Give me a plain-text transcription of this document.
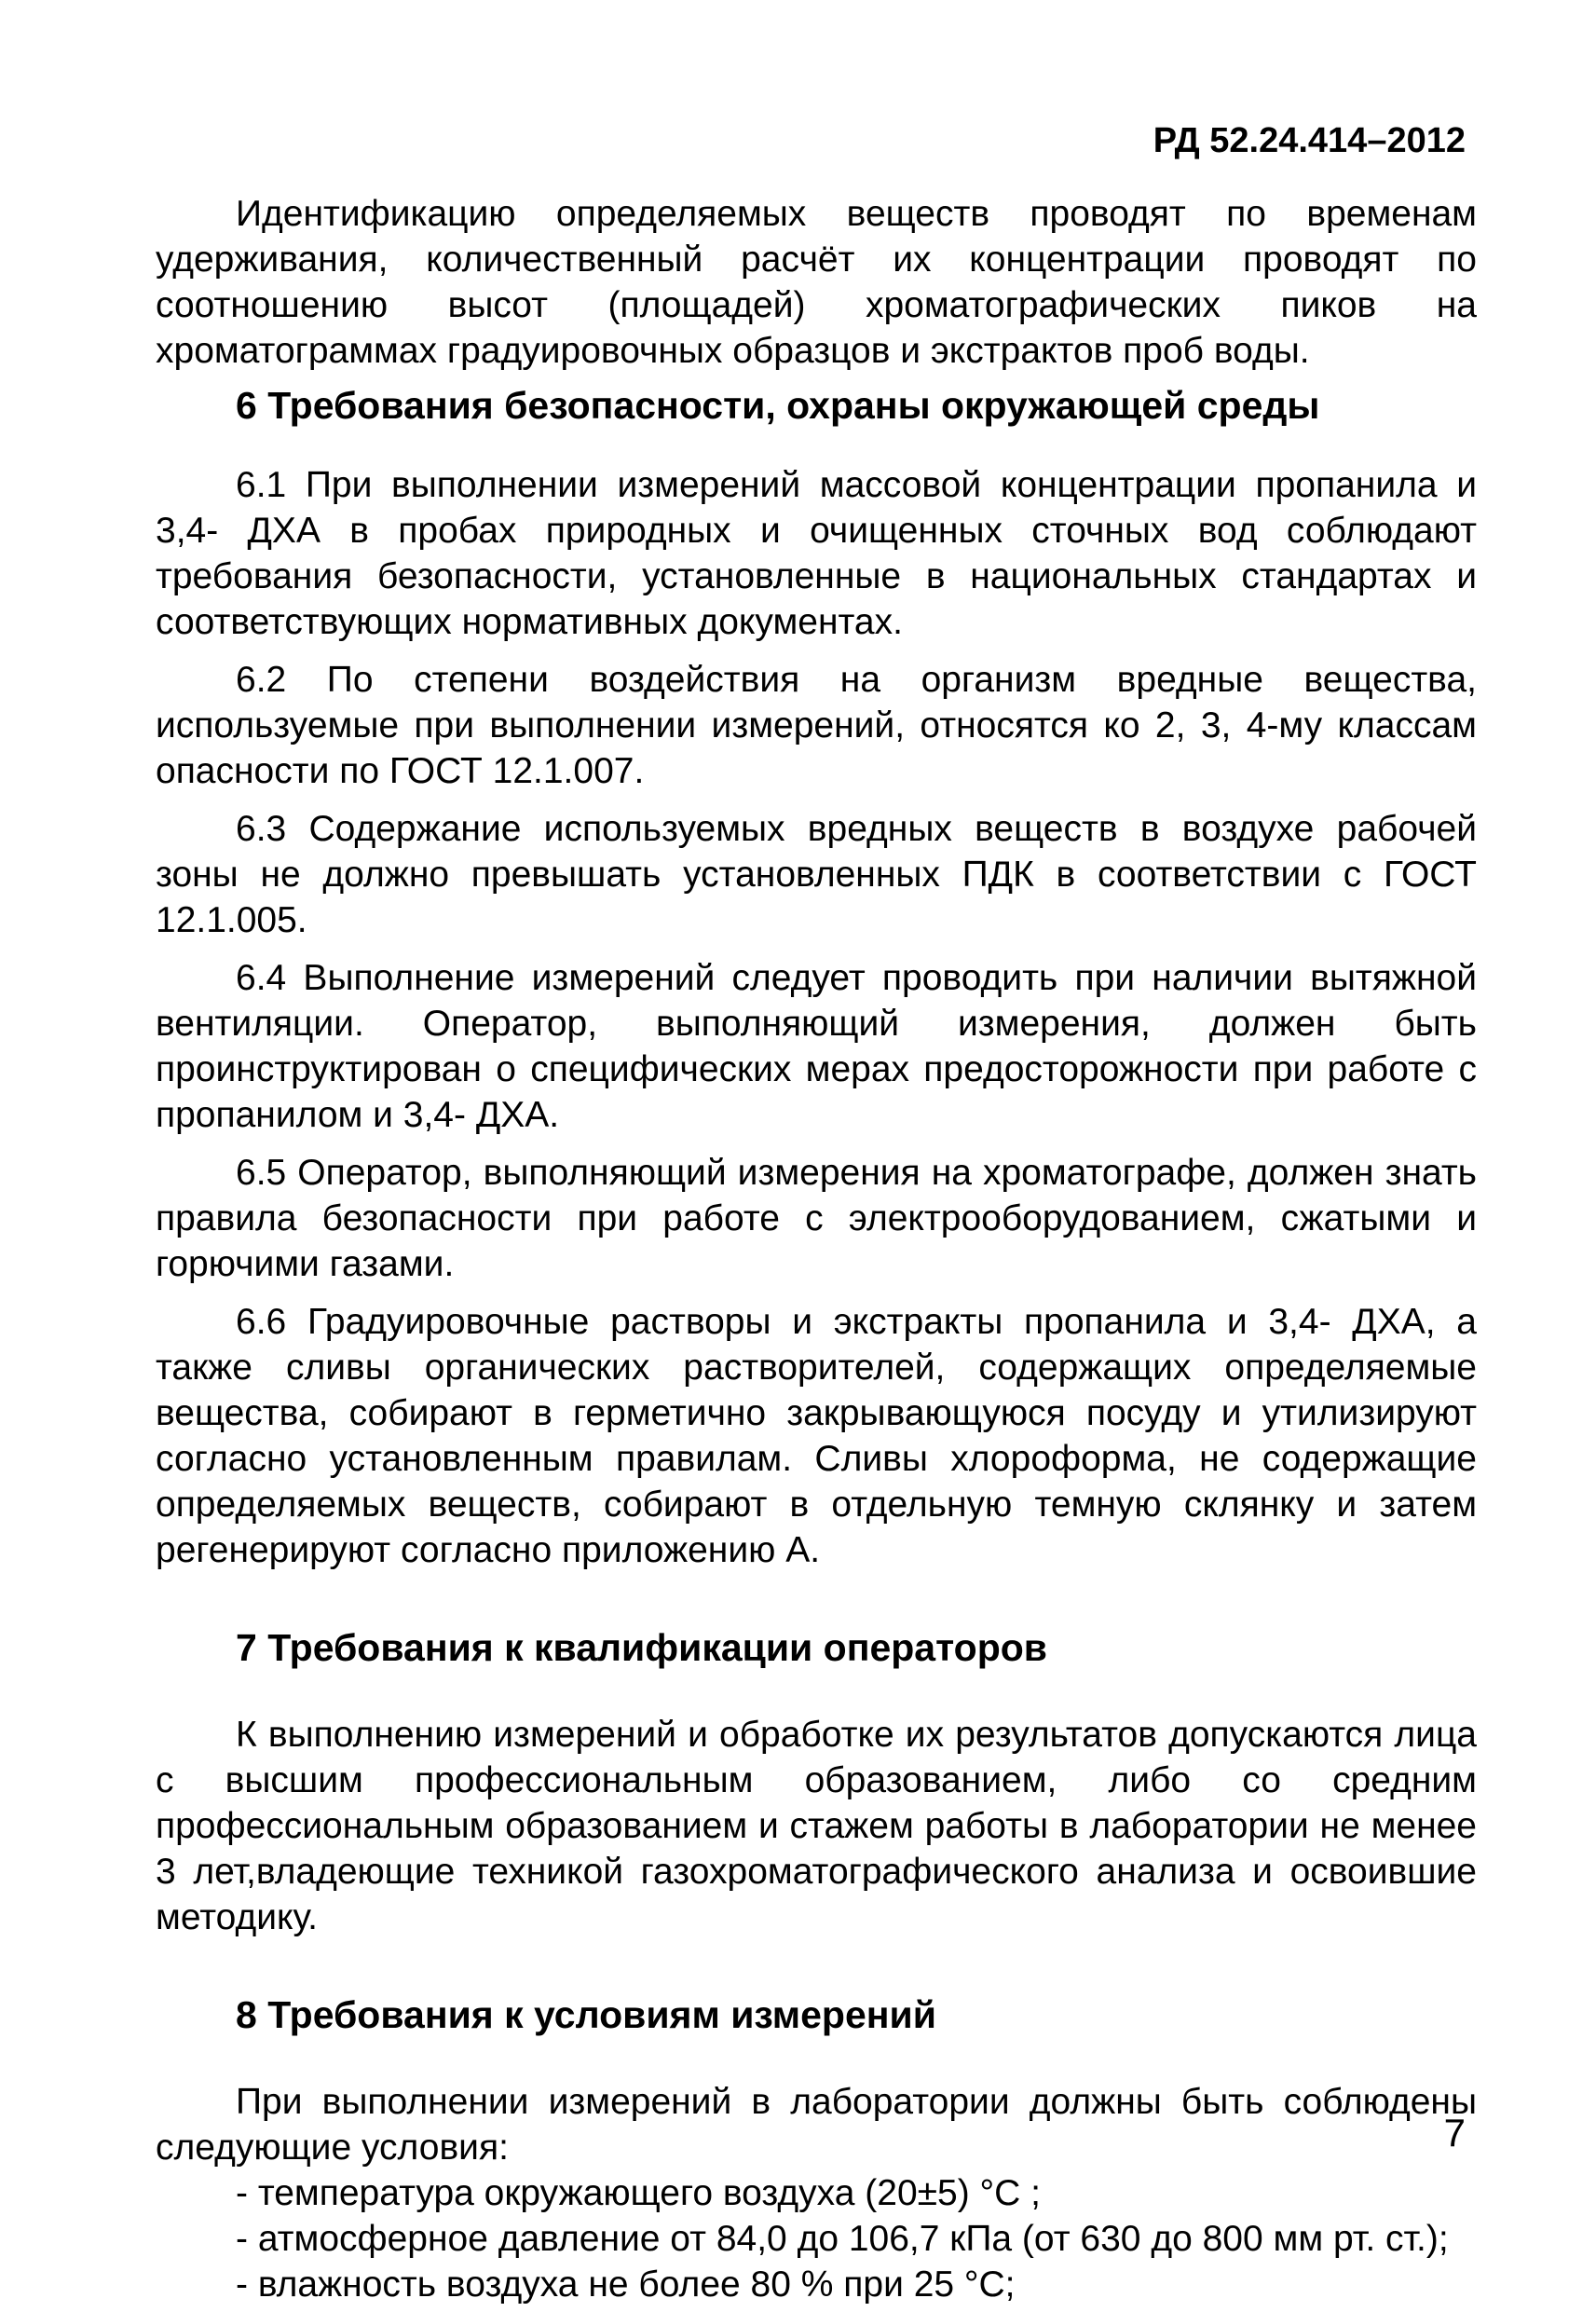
РД 52.24.414–2012

Идентификацию определяемых веществ проводят по временам удерживания, количественный расчёт их концентрации проводят по соотношению высот (площадей) хроматографических пиков на хроматограммах градуировочных образцов и экстрактов проб воды.

6 Требования безопасности, охраны окружающей среды

6.1 При выполнении измерений массовой концентрации пропанила и 3,4- ДХА в пробах природных и очищенных сточных вод соблюдают требования безопасности, установленные в национальных стандартах и соответствующих нормативных документах.

6.2 По степени воздействия на организм вредные вещества, используемые при выполнении измерений, относятся ко 2, 3, 4-му классам опасности по ГОСТ 12.1.007.

6.3 Содержание используемых вредных веществ в воздухе рабочей зоны не должно превышать установленных ПДК в соответствии с ГОСТ 12.1.005.

6.4 Выполнение измерений следует проводить при наличии вытяжной вентиляции. Оператор, выполняющий измерения, должен быть проинструктирован о специфических мерах предосторожности при работе с пропанилом и 3,4- ДХА.

6.5 Оператор, выполняющий измерения на хроматографе, должен знать правила безопасности при работе с электрооборудованием, сжатыми и горючими газами.

6.6 Градуировочные растворы и экстракты пропанила и 3,4- ДХА, а также сливы органических растворителей, содержащих определяемые вещества, собирают в герметично закрывающуюся посуду и утилизируют согласно установленным правилам. Сливы хлороформа, не содержащие определяемых веществ, собирают в отдельную темную склянку и затем регенерируют согласно приложению А.

7 Требования к квалификации операторов

К выполнению измерений и обработке их результатов допускаются лица с высшим профессиональным образованием, либо со средним профессиональным образованием и стажем работы в лаборатории не менее 3 лет,владеющие техникой газохроматографического анализа и освоившие методику.

8 Требования к условиям измерений

При выполнении измерений в лаборатории должны быть соблюдены следующие условия:

- температура окружающего воздуха (20±5) °С ;

- атмосферное давление от 84,0 до 106,7 кПа (от 630 до 800 мм рт. ст.);

- влажность воздуха не более 80 % при 25 °С;

7
